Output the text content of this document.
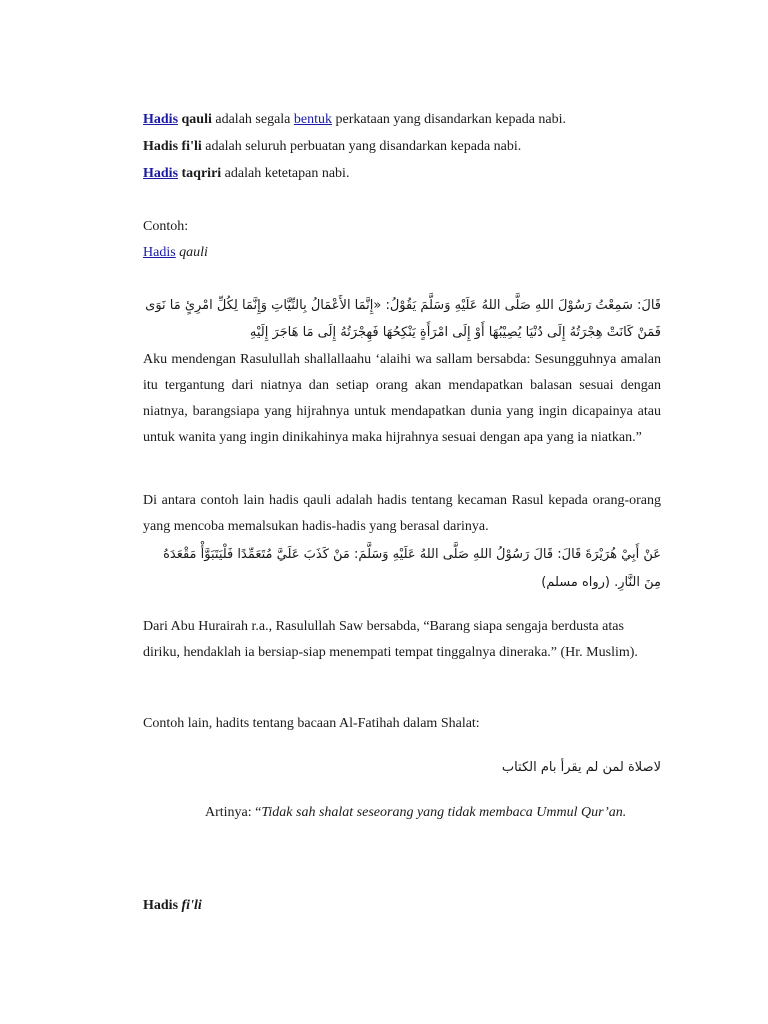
Hadis qauli adalah segala bentuk perkataan yang disandarkan kepada nabi.
Hadis fi'li adalah seluruh perbuatan yang disandarkan kepada nabi.
Hadis taqriri adalah ketetapan nabi.
Contoh:
Hadis qauli
قَالَ: سَمِعْتُ رَسُوْلَ اللهِ صَلَّى اللهُ عَلَيْهِ وَسَلَّمَ يَقُوْلُ: «إِنَّمَا الأَعْمَالُ بِالنِّيَّاتِ وَإِنَّمَا لِكُلِّ امْرِئٍ مَا نَوَى فَمَنْ كَانَتْ هِجْرَتُهُ إِلَى دُنْيَا يُصِيْبُهَا أَوْ إِلَى امْرَأَةٍ يَنْكِحُهَا فَهِجْرَتُهُ إِلَى مَا هَاجَرَ إِلَيْهِ
Aku mendengan Rasulullah shallallaahu ‘alaihi wa sallam bersabda: Sesungguhnya amalan itu tergantung dari niatnya dan setiap orang akan mendapatkan balasan sesuai dengan niatnya, barangsiapa yang hijrahnya untuk mendapatkan dunia yang ingin dicapainya atau untuk wanita yang ingin dinikahinya maka hijrahnya sesuai dengan apa yang ia niatkan.”
Di antara contoh lain hadis qauli adalah hadis tentang kecaman Rasul kepada orang-orang yang mencoba memalsukan hadis-hadis yang berasal darinya.
عَنْ أَبِيْ هُرَيْرَةَ قَالَ: قَالَ رَسُوْلُ اللهِ صَلَّى اللهُ عَلَيْهِ وَسَلَّمَ: مَنْ كَذَبَ عَلَيَّ مُتَعَمِّدًا فَلْيَتَبَوَّأْ مَقْعَدَهُ مِنَ النَّارِ. (رواه مسلم)
Dari Abu Hurairah r.a., Rasulullah Saw bersabda, “Barang siapa sengaja berdusta atas diriku, hendaklah ia bersiap-siap menempati tempat tinggalnya dineraka.” (Hr. Muslim).
Contoh lain, hadits tentang bacaan Al-Fatihah dalam Shalat:
لاصلاة لمن لم يقرأ بام الكتاب
Artinya: “Tidak sah shalat seseorang yang tidak membaca Ummul Qur’an.
Hadis fi'li
